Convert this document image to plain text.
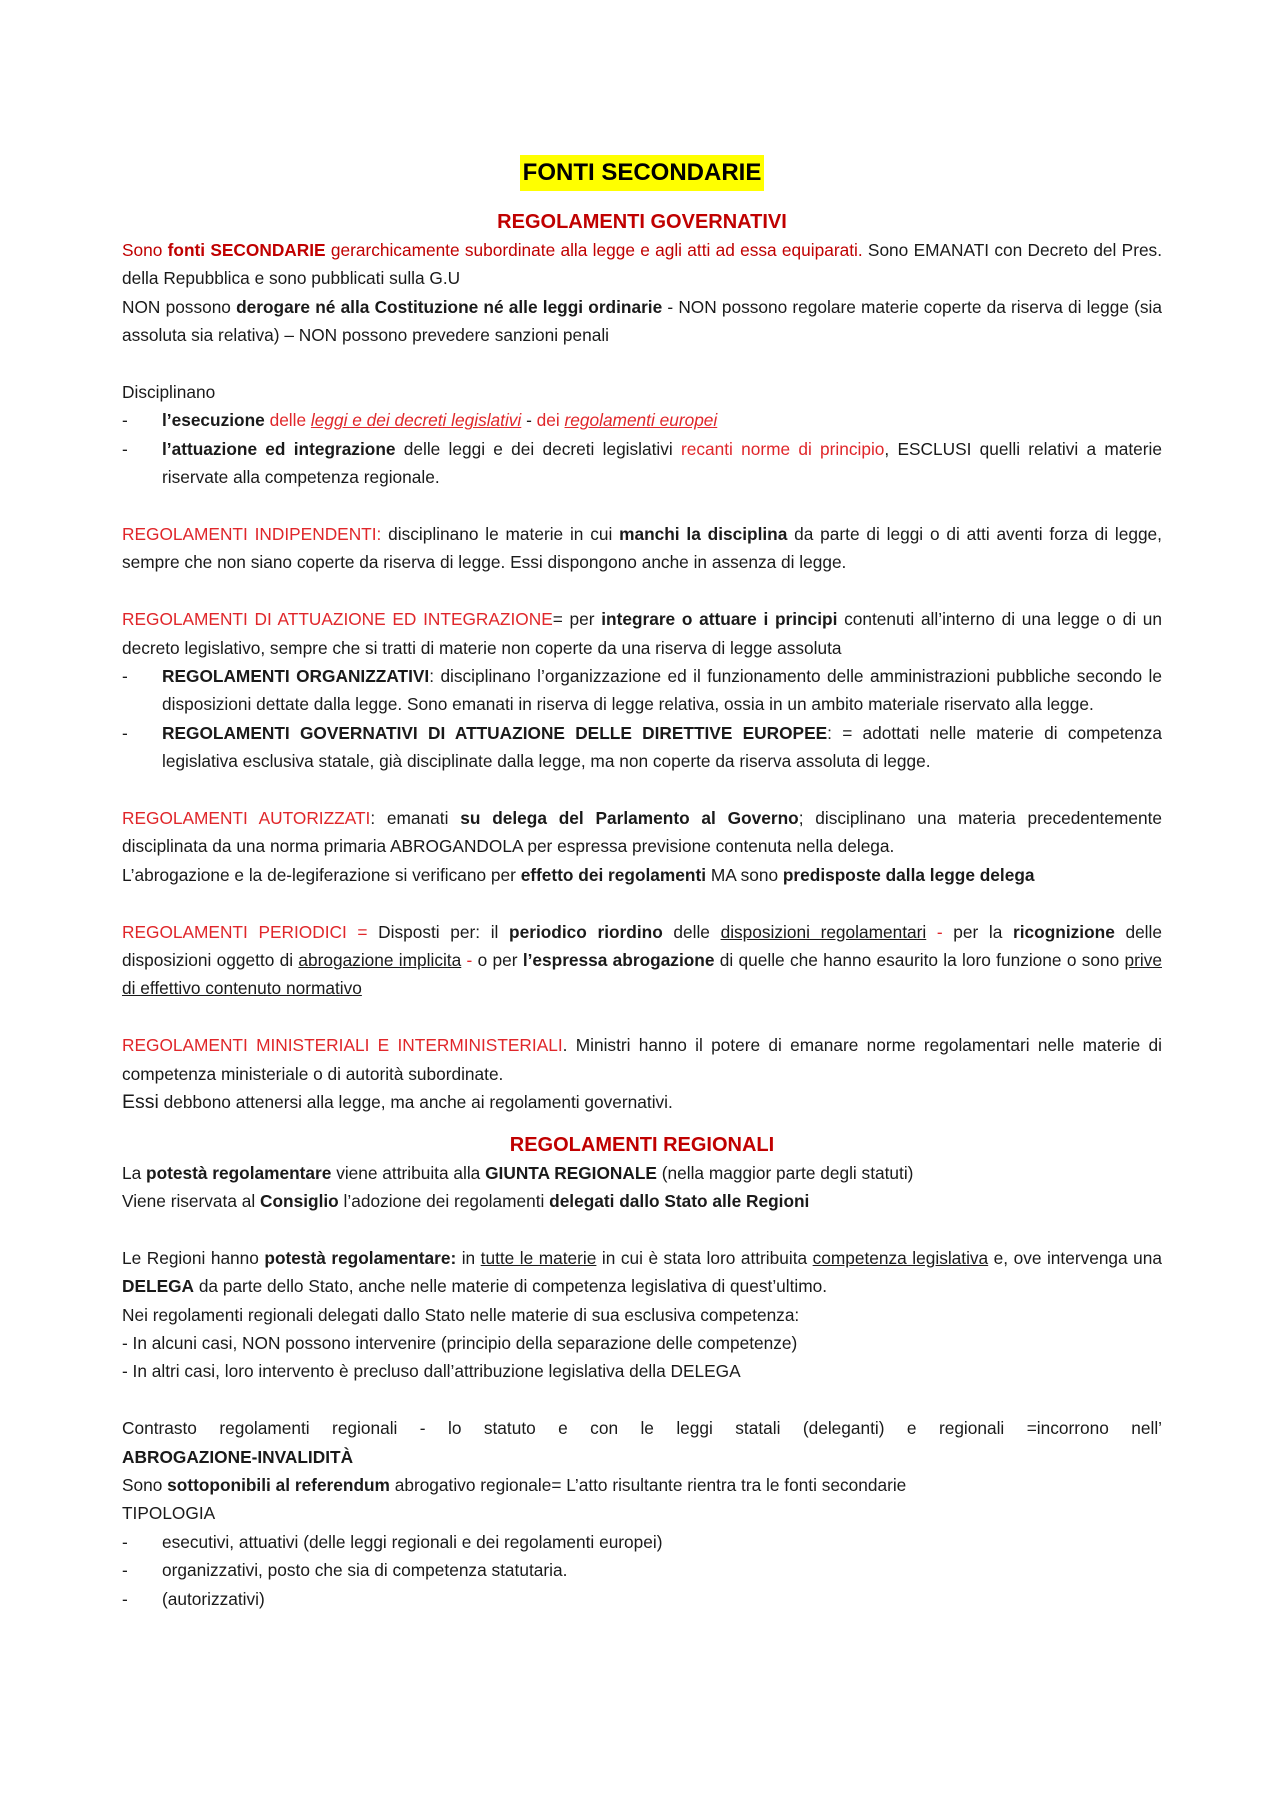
FONTI SECONDARIE
REGOLAMENTI GOVERNATIVI

Sono fonti SECONDARIE gerarchicamente subordinate alla legge e agli atti ad essa equiparati. Sono EMANATI con Decreto del Pres. della Repubblica e sono pubblicati sulla G.U

NON possono derogare né alla Costituzione né alle leggi ordinarie - NON possono regolare materie coperte da riserva di legge (sia assoluta sia relativa) – NON possono prevedere sanzioni penali

Disciplinano

- l’esecuzione delle leggi e dei decreti legislativi - dei regolamenti europei
- l’attuazione ed integrazione delle leggi e dei decreti legislativi recanti norme di principio, ESCLUSI quelli relativi a materie riservate alla competenza regionale.

REGOLAMENTI INDIPENDENTI: disciplinano le materie in cui manchi la disciplina da parte di leggi o di atti aventi forza di legge, sempre che non siano coperte da riserva di legge. Essi dispongono anche in assenza di legge.

REGOLAMENTI DI ATTUAZIONE ED INTEGRAZIONE= per integrare o attuare i principi contenuti all’interno di una legge o di un decreto legislativo, sempre che si tratti di materie non coperte da una riserva di legge assoluta

- REGOLAMENTI ORGANIZZATIVI: disciplinano l’organizzazione ed il funzionamento delle amministrazioni pubbliche secondo le disposizioni dettate dalla legge. Sono emanati in riserva di legge relativa, ossia in un ambito materiale riservato alla legge.
- REGOLAMENTI GOVERNATIVI DI ATTUAZIONE DELLE DIRETTIVE EUROPEE: = adottati nelle materie di competenza legislativa esclusiva statale, già disciplinate dalla legge, ma non coperte da riserva assoluta di legge.

REGOLAMENTI AUTORIZZATI: emanati su delega del Parlamento al Governo; disciplinano una materia precedentemente disciplinata da una norma primaria ABROGANDOLA per espressa previsione contenuta nella delega.

L’abrogazione e la de-legiferazione si verificano per effetto dei regolamenti MA sono predisposte dalla legge delega

REGOLAMENTI PERIODICI = Disposti per: il periodico riordino delle disposizioni regolamentari - per la ricognizione delle disposizioni oggetto di abrogazione implicita - o per l’espressa abrogazione di quelle che hanno esaurito la loro funzione o sono prive di effettivo contenuto normativo

REGOLAMENTI MINISTERIALI E INTERMINISTERIALI. Ministri hanno il potere di emanare norme regolamentari nelle materie di competenza ministeriale o di autorità subordinate.

Essi debbono attenersi alla legge, ma anche ai regolamenti governativi.

REGOLAMENTI REGIONALI

La potestà regolamentare viene attribuita alla GIUNTA REGIONALE (nella maggior parte degli statuti)

Viene riservata al Consiglio l’adozione dei regolamenti delegati dallo Stato alle Regioni

Le Regioni hanno potestà regolamentare: in tutte le materie in cui è stata loro attribuita competenza legislativa e, ove intervenga una DELEGA da parte dello Stato, anche nelle materie di competenza legislativa di quest’ultimo.

Nei regolamenti regionali delegati dallo Stato nelle materie di sua esclusiva competenza:

- In alcuni casi, NON possono intervenire (principio della separazione delle competenze)

- In altri casi, loro intervento è precluso dall’attribuzione legislativa della DELEGA

Contrasto regolamenti regionali - lo statuto e con le leggi statali (deleganti) e regionali =incorrono nell’

ABROGAZIONE-INVALIDITÀ

Sono sottoponibili al referendum abrogativo regionale= L’atto risultante rientra tra le fonti secondarie

TIPOLOGIA

- esecutivi, attuativi (delle leggi regionali e dei regolamenti europei)
- organizzativi, posto che sia di competenza statutaria.
- (autorizzativi)
